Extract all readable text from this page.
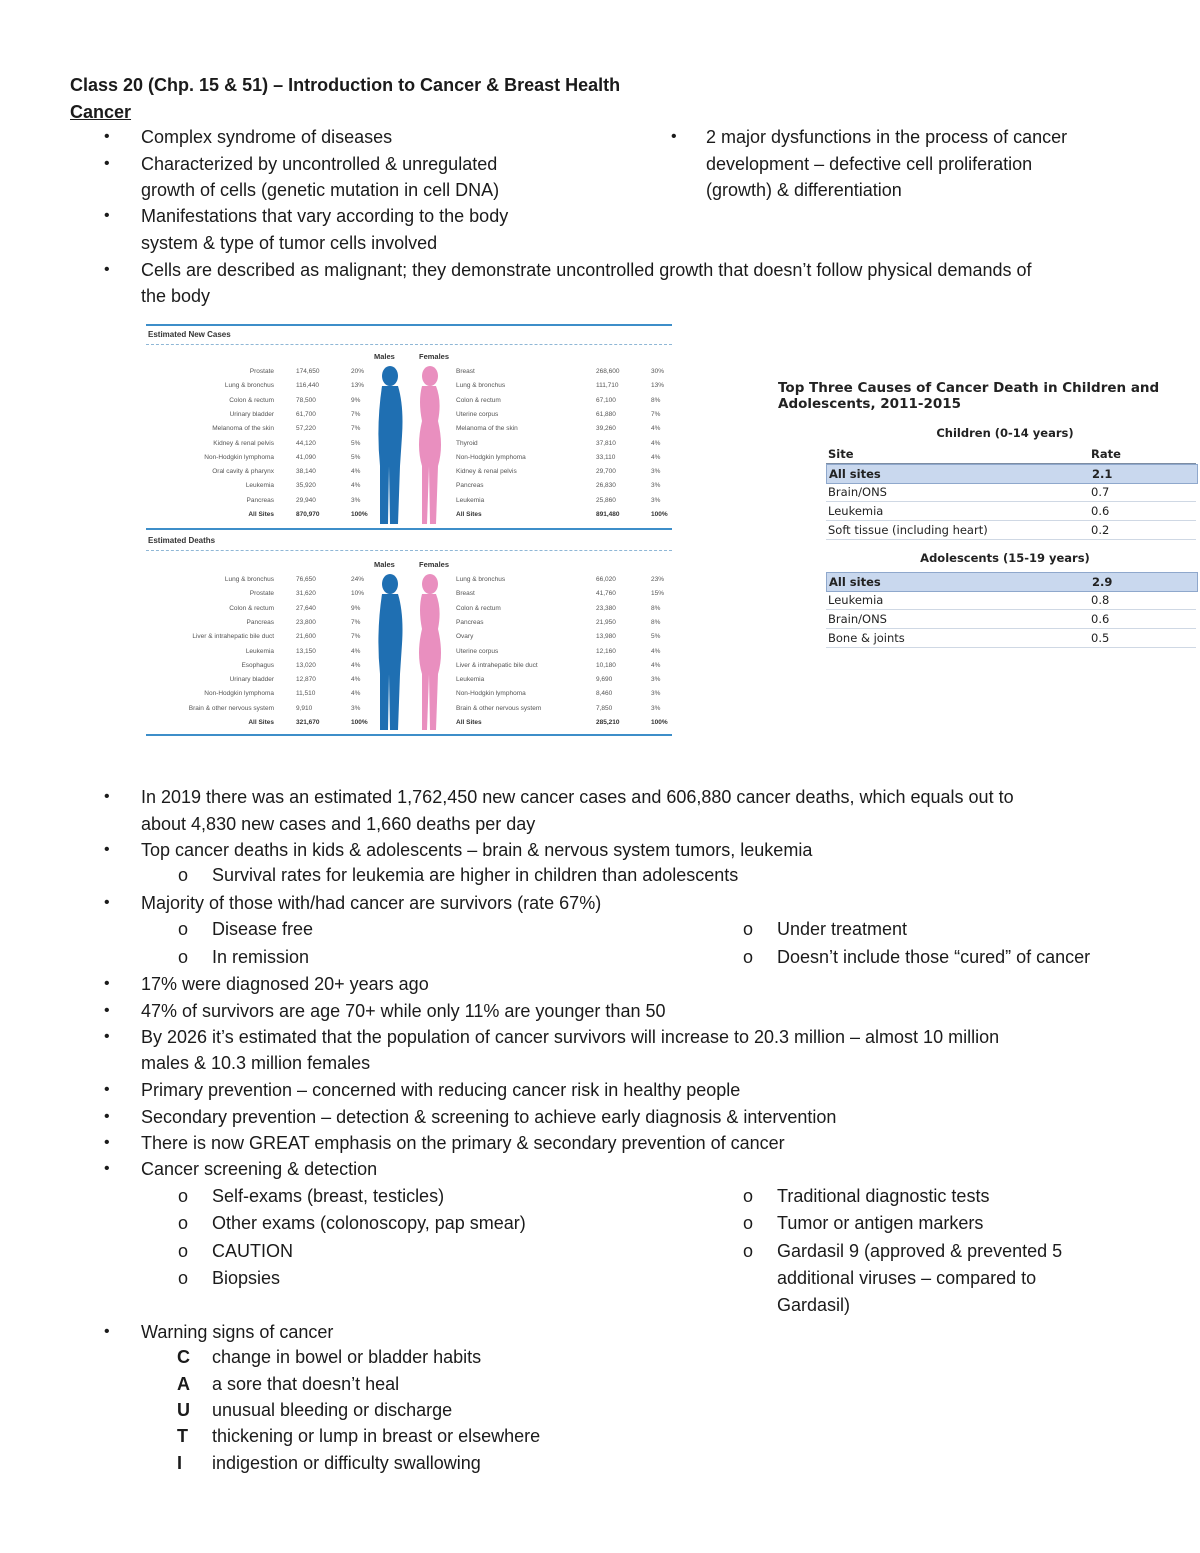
Class 20 (Chp. 15 & 51) – Introduction to Cancer & Breast Health
Cancer
• Complex syndrome of diseases
• Characterized by uncontrolled & unregulated
growth of cells (genetic mutation in cell DNA)
• Manifestations that vary according to the body
system & type of tumor cells involved
• Cells are described as malignant; they demonstrate uncontrolled growth that doesn’t follow physical demands of
the body
• 2 major dysfunctions in the process of cancer
development – defective cell proliferation
(growth) & differentiation
Estimated New Cases
Males	Females
Prostate	174,650	20%	Breast	268,600	30%
Lung & bronchus	116,440	13%	Lung & bronchus	111,710	13%
Colon & rectum	78,500	9%	Colon & rectum	67,100	8%
Urinary bladder	61,700	7%	Uterine corpus	61,880	7%
Melanoma of the skin	57,220	7%	Melanoma of the skin	39,260	4%
Kidney & renal pelvis	44,120	5%	Thyroid	37,810	4%
Non-Hodgkin lymphoma	41,090	5%	Non-Hodgkin lymphoma	33,110	4%
Oral cavity & pharynx	38,140	4%	Kidney & renal pelvis	29,700	3%
Leukemia	35,920	4%	Pancreas	26,830	3%
Pancreas	29,940	3%	Leukemia	25,860	3%
All Sites	870,970	100%	All Sites	891,480	100%
Estimated Deaths
Males	Females
Lung & bronchus	76,650	24%	Lung & bronchus	66,020	23%
Prostate	31,620	10%	Breast	41,760	15%
Colon & rectum	27,640	9%	Colon & rectum	23,380	8%
Pancreas	23,800	7%	Pancreas	21,950	8%
Liver & intrahepatic bile duct	21,600	7%	Ovary	13,980	5%
Leukemia	13,150	4%	Uterine corpus	12,160	4%
Esophagus	13,020	4%	Liver & intrahepatic bile duct	10,180	4%
Urinary bladder	12,870	4%	Leukemia	9,690	3%
Non-Hodgkin lymphoma	11,510	4%	Non-Hodgkin lymphoma	8,460	3%
Brain & other nervous system	9,910	3%	Brain & other nervous system	7,850	3%
All Sites	321,670	100%	All Sites	285,210	100%
Top Three Causes of Cancer Death in Children and Adolescents, 2011-2015
Children (0-14 years)
Site	Rate
All sites	2.1
Brain/ONS	0.7
Leukemia	0.6
Soft tissue (including heart)	0.2
Adolescents (15-19 years)
All sites	2.9
Leukemia	0.8
Brain/ONS	0.6
Bone & joints	0.5
• In 2019 there was an estimated 1,762,450 new cancer cases and 606,880 cancer deaths, which equals out to
about 4,830 new cases and 1,660 deaths per day
• Top cancer deaths in kids & adolescents – brain & nervous system tumors, leukemia
o Survival rates for leukemia are higher in children than adolescents
• Majority of those with/had cancer are survivors (rate 67%)
o Disease free
o In remission
o Under treatment
o Doesn’t include those “cured” of cancer
• 17% were diagnosed 20+ years ago
• 47% of survivors are age 70+ while only 11% are younger than 50
• By 2026 it’s estimated that the population of cancer survivors will increase to 20.3 million – almost 10 million
males & 10.3 million females
• Primary prevention – concerned with reducing cancer risk in healthy people
• Secondary prevention – detection & screening to achieve early diagnosis & intervention
• There is now GREAT emphasis on the primary & secondary prevention of cancer
• Cancer screening & detection
o Self-exams (breast, testicles)
o Other exams (colonoscopy, pap smear)
o CAUTION
o Biopsies
o Traditional diagnostic tests
o Tumor or antigen markers
o Gardasil 9 (approved & prevented 5
additional viruses – compared to
Gardasil)
• Warning signs of cancer
C change in bowel or bladder habits
A a sore that doesn’t heal
U unusual bleeding or discharge
T thickening or lump in breast or elsewhere
I indigestion or difficulty swallowing
